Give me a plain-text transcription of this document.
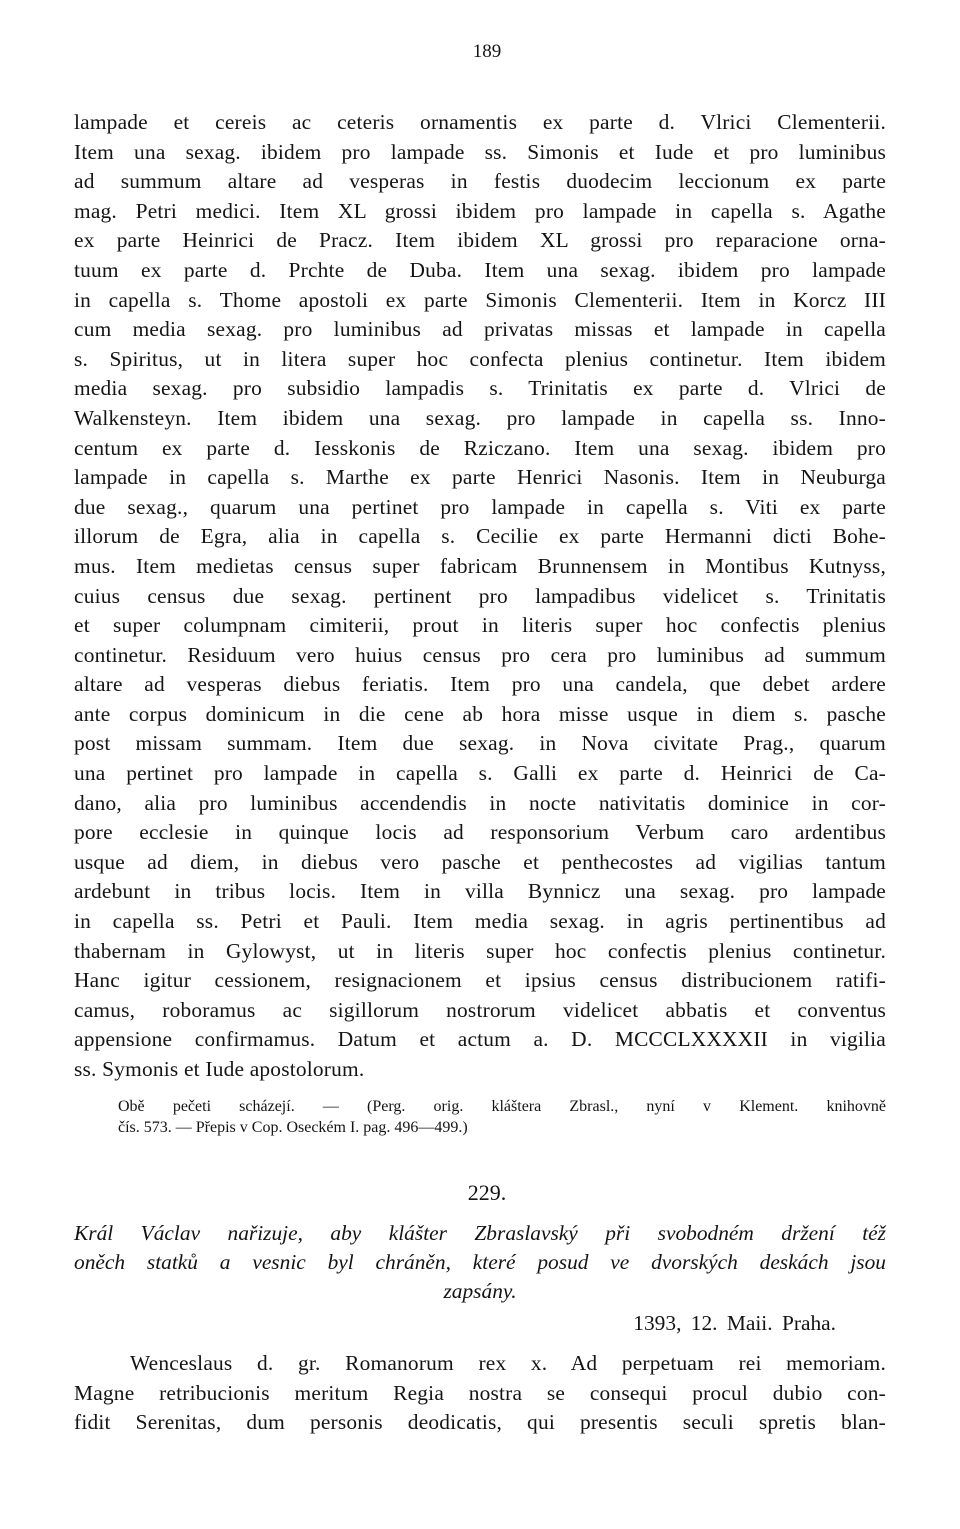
189
lampade et cereis ac ceteris ornamentis ex parte d. Vlrici Clementerii.
Item una sexag. ibidem pro lampade ss. Simonis et Iude et pro luminibus
ad summum altare ad vesperas in festis duodecim leccionum ex parte
mag. Petri medici. Item XL grossi ibidem pro lampade in capella s. Agathe
ex parte Heinrici de Pracz. Item ibidem XL grossi pro reparacione orna-
tuum ex parte d. Prchte de Duba. Item una sexag. ibidem pro lampade
in capella s. Thome apostoli ex parte Simonis Clementerii. Item in Korcz III
cum media sexag. pro luminibus ad privatas missas et lampade in capella
s. Spiritus, ut in litera super hoc confecta plenius continetur. Item ibidem
media sexag. pro subsidio lampadis s. Trinitatis ex parte d. Vlrici de
Walkensteyn. Item ibidem una sexag. pro lampade in capella ss. Inno-
centum ex parte d. Iesskonis de Rziczano. Item una sexag. ibidem pro
lampade in capella s. Marthe ex parte Henrici Nasonis. Item in Neuburga
due sexag., quarum una pertinet pro lampade in capella s. Viti ex parte
illorum de Egra, alia in capella s. Cecilie ex parte Hermanni dicti Bohe-
mus. Item medietas census super fabricam Brunnensem in Montibus Kutnyss,
cuius census due sexag. pertinent pro lampadibus videlicet s. Trinitatis
et super columpnam cimiterii, prout in literis super hoc confectis plenius
continetur. Residuum vero huius census pro cera pro luminibus ad summum
altare ad vesperas diebus feriatis. Item pro una candela, que debet ardere
ante corpus dominicum in die cene ab hora misse usque in diem s. pasche
post missam summam. Item due sexag. in Nova civitate Prag., quarum
una pertinet pro lampade in capella s. Galli ex parte d. Heinrici de Ca-
dano, alia pro luminibus accendendis in nocte nativitatis dominice in cor-
pore ecclesie in quinque locis ad responsorium Verbum caro ardentibus
usque ad diem, in diebus vero pasche et penthecostes ad vigilias tantum
ardebunt in tribus locis. Item in villa Bynnicz una sexag. pro lampade
in capella ss. Petri et Pauli. Item media sexag. in agris pertinentibus ad
thabernam in Gylowyst, ut in literis super hoc confectis plenius continetur.
Hanc igitur cessionem, resignacionem et ipsius census distribucionem ratifi-
camus, roboramus ac sigillorum nostrorum videlicet abbatis et conventus
appensione confirmamus. Datum et actum a. D. MCCCLXXXXII in vigilia
ss. Symonis et Iude apostolorum.
Obě pečeti scházejí. — (Perg. orig. kláštera Zbrasl., nyní v Klement. knihovně
čís. 573. — Přepis v Cop. Oseckém I. pag. 496—499.)
229.
Král Václav nařizuje, aby klášter Zbraslavský při svobodném držení též
oněch statků a vesnic byl chráněn, které posud ve dvorských deskách jsou
zapsány.
1393, 12. Maii. Praha.
Wenceslaus d. gr. Romanorum rex x. Ad perpetuam rei memoriam.
Magne retribucionis meritum Regia nostra se consequi procul dubio con-
fidit Serenitas, dum personis deodicatis, qui presentis seculi spretis blan-
